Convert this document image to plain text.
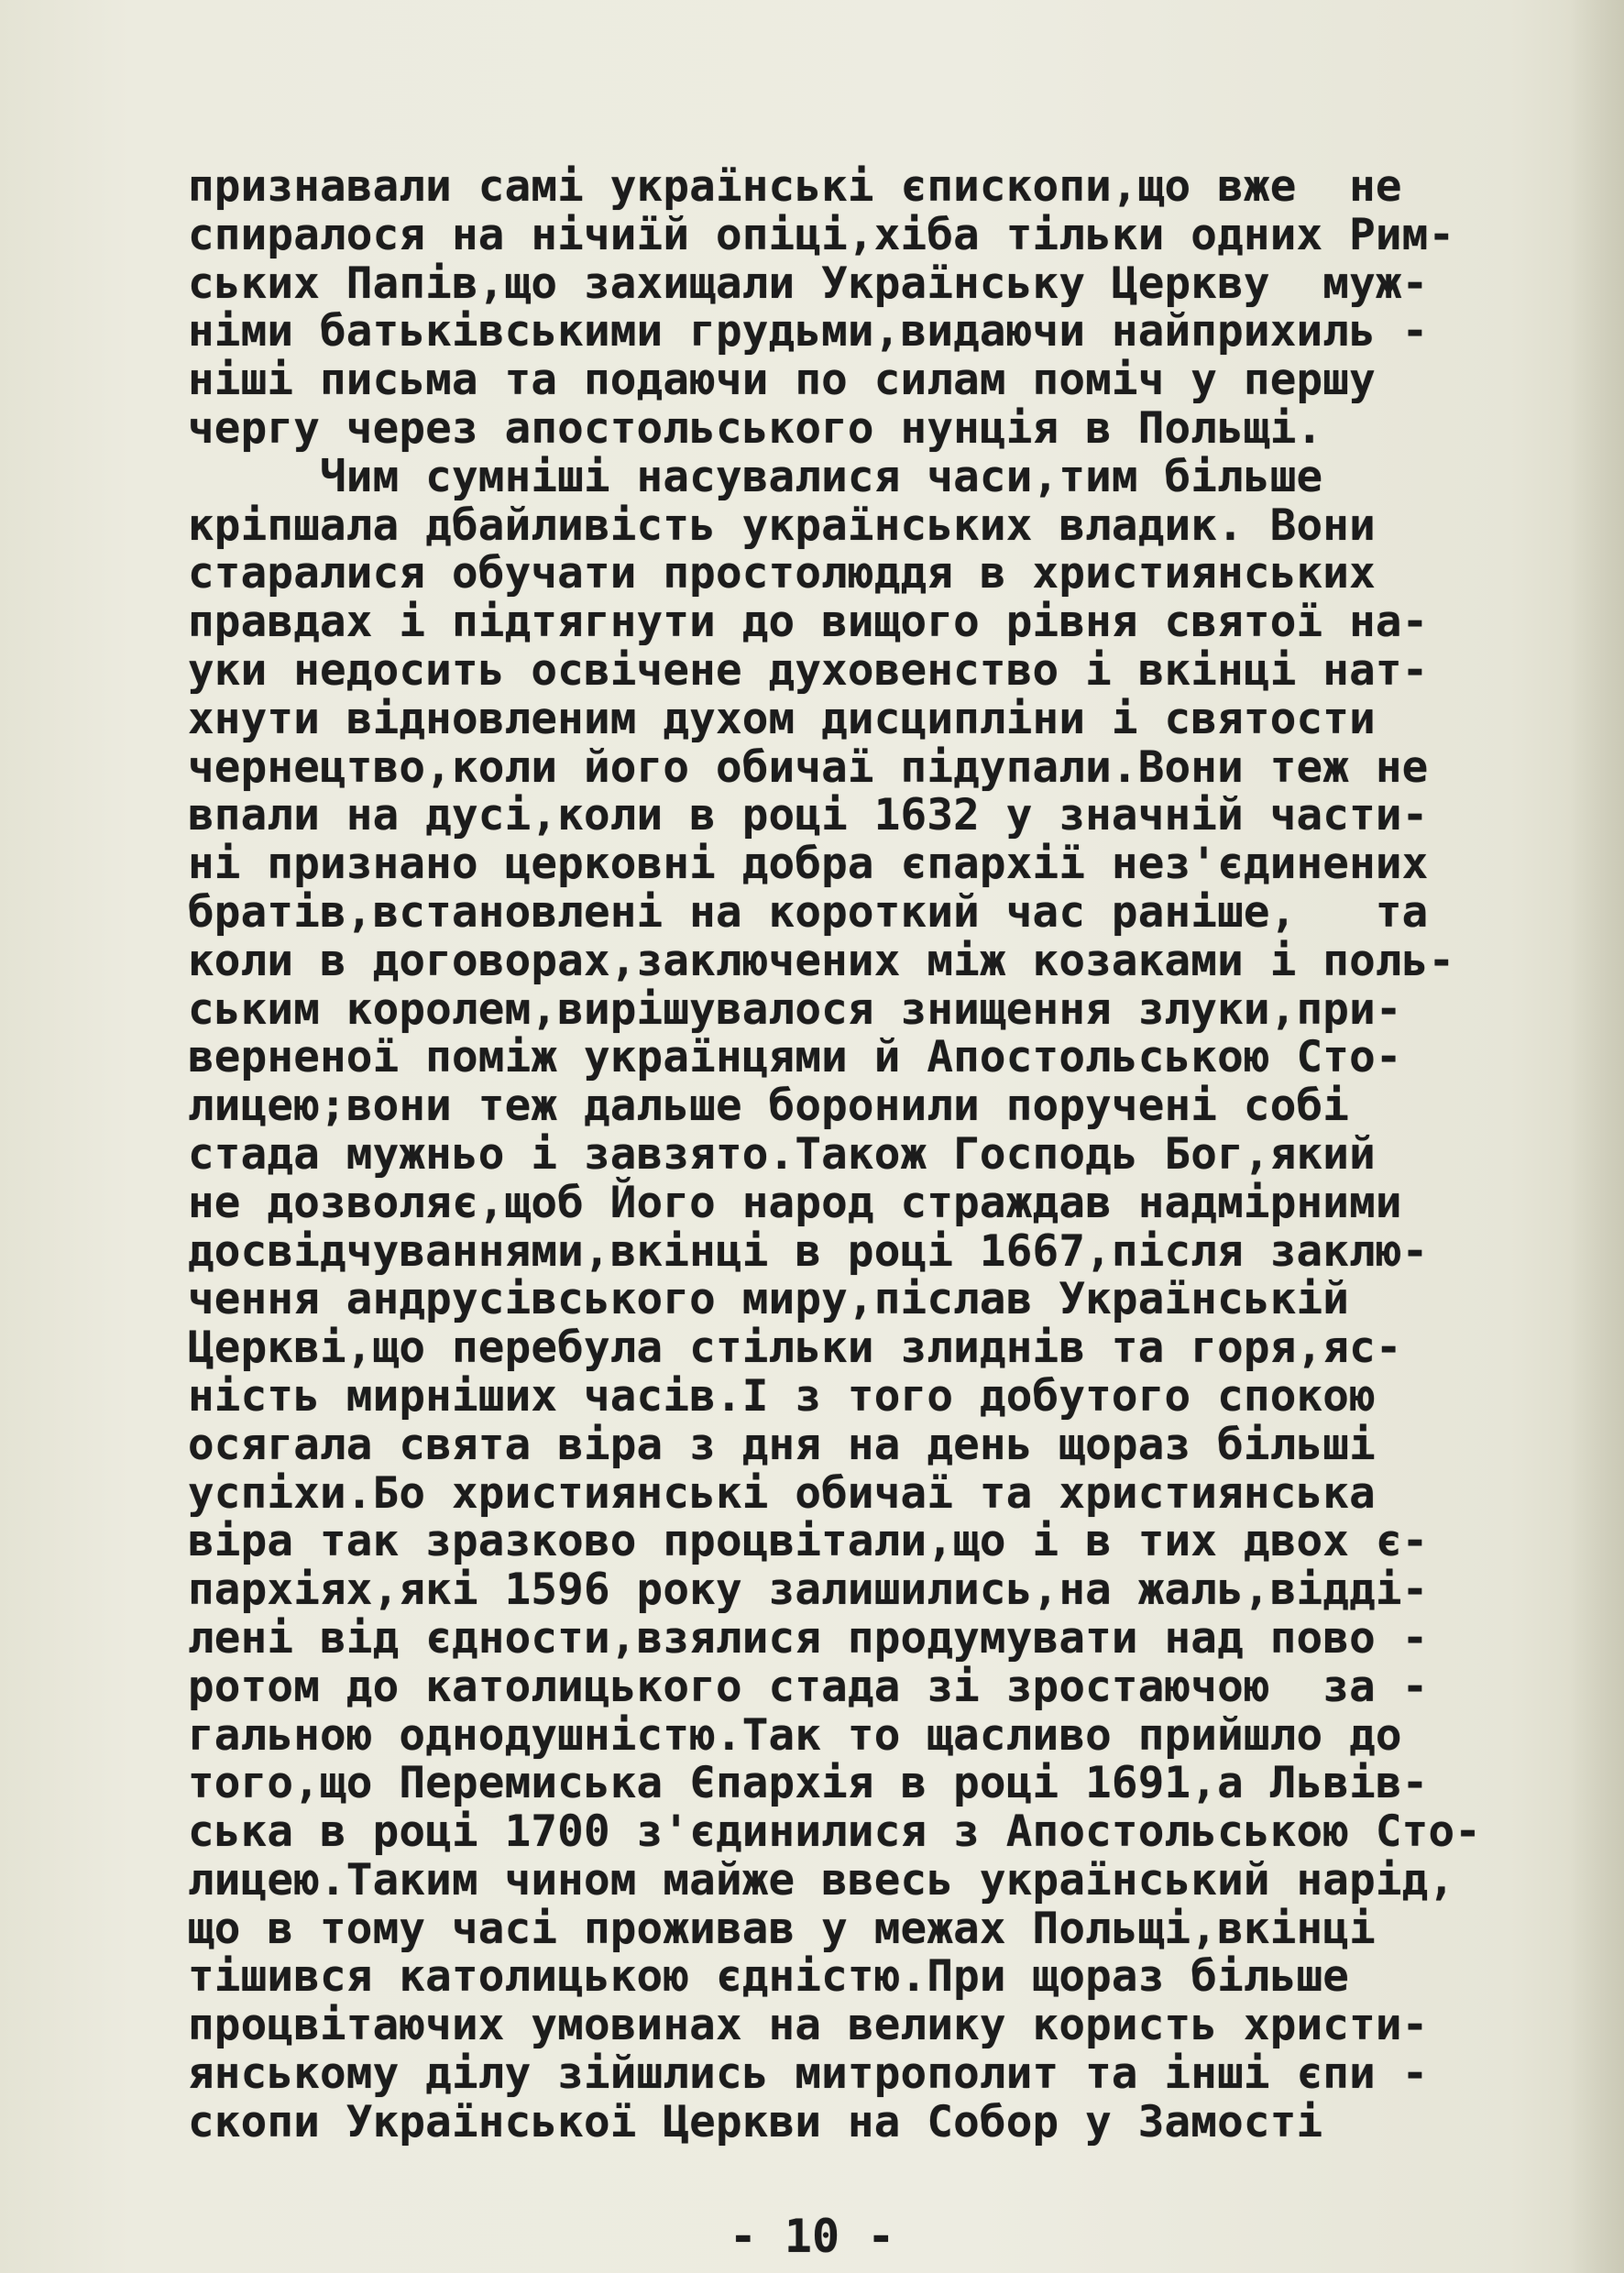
признавали самі українські єпископи,що вже  не
спиралося на нічиїй опіці,хіба тільки одних Рим-
ських Папів,що захищали Українську Церкву  муж-
німи батьківськими грудьми,видаючи найприхиль -
ніші письма та подаючи по силам поміч у першу
чергу через апостольського нунція в Польщі.
Чим сумніші насувалися часи,тим більше
кріпшала дбайливість українських владик. Вони
старалися обучати простолюддя в християнських
правдах і підтягнути до вищого рівня святої на-
уки недосить освічене духовенство і вкінці нат-
хнути відновленим духом дисципліни і святости
чернецтво,коли його обичаї підупали.Вони теж не
впали на дусі,коли в році 1632 у значній части-
ні признано церковні добра єпархії нез'єдинених
братів,встановлені на короткий час раніше,   та
коли в договорах,заключених між козаками і поль-
ським королем,вирішувалося знищення злуки,при-
верненої поміж українцями й Апостольською Сто-
лицею;вони теж дальше боронили поручені собі
стада мужньо і завзято.Також Господь Бог,який
не дозволяє,щоб Його народ страждав надмірними
досвідчуваннями,вкінці в році 1667,після заклю-
чення андрусівського миру,післав Українській
Церкві,що перебула стільки злиднів та горя,яс-
ність мирніших часів.І з того добутого спокою
осягала свята віра з дня на день щораз більші
успіхи.Бо християнські обичаї та християнська
віра так зразково процвітали,що і в тих двох є-
пархіях,які 1596 року залишились,на жаль,відді-
лені від єдности,взялися продумувати над пово -
ротом до католицького стада зі зростаючою  за -
гальною однодушністю.Так то щасливо прийшло до
того,що Перемиська Єпархія в році 1691,а Львів-
ська в році 1700 з'єдинилися з Апостольською Сто-
лицею.Таким чином майже ввесь український нарід,
що в тому часі проживав у межах Польщі,вкінці
тішився католицькою єдністю.При щораз більше
процвітаючих умовинах на велику користь христи-
янському ділу зійшлись митрополит та інші єпи -
скопи Української Церкви на Собор у Замості
- 10 -
